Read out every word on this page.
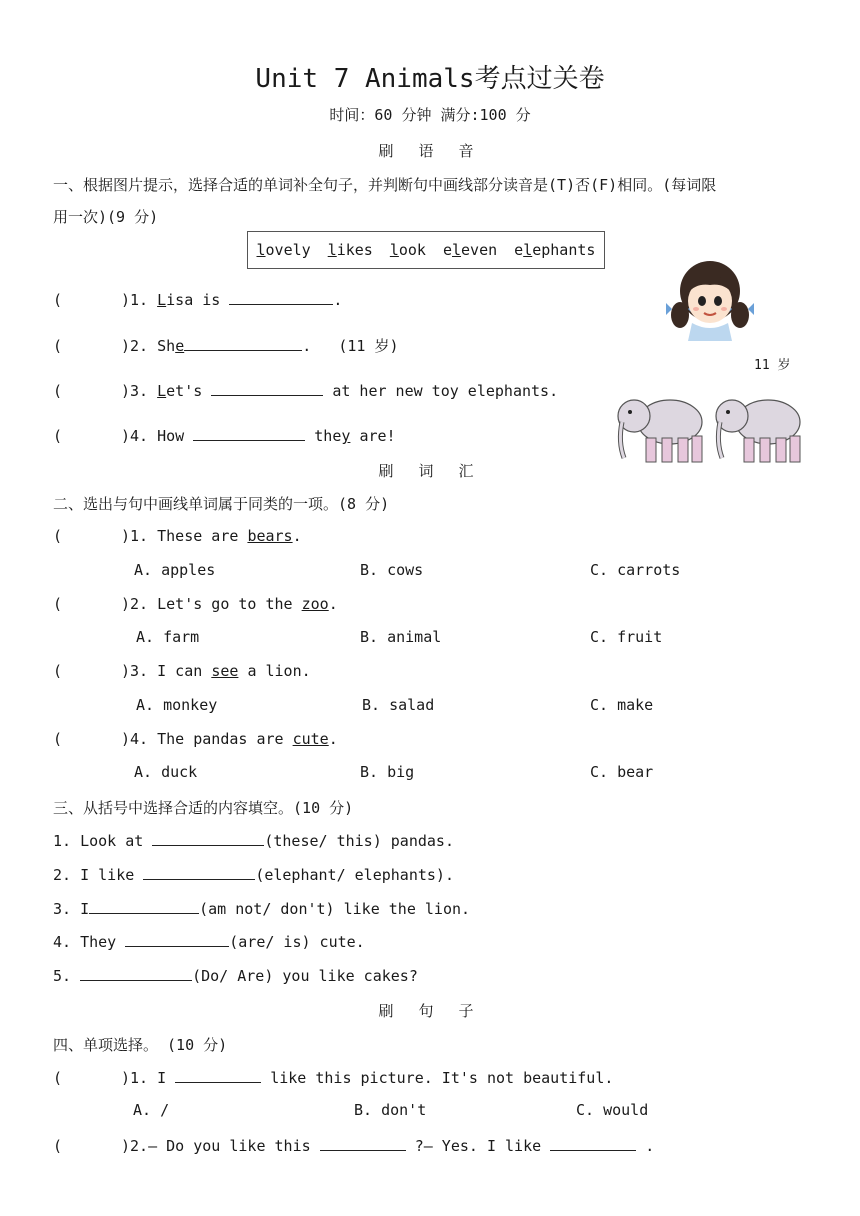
Unit 7 Animals考点过关卷
时间：60 分钟 满分:100 分
刷 语 音
一、根据图片提示，选择合适的单词补全句子，并判断句中画线部分读音是(T)否(F)相同。(每词限
用一次)(9 分)
lovely likes look eleven elephants
(	)1. Lisa is	.
(	)2. She	. (11 岁)
(	)3. Let's	at her new toy elephants.
(	)4. How	they are!
11 岁
刷 词 汇
二、选出与句中画线单词属于同类的一项。(8 分)
(	)1. These are bears.
A. apples	B. cows	C. carrots
(	)2. Let's go to the zoo.
A. farm	B. animal	C. fruit
(	)3. I can see a lion.
A. monkey	B. salad	C. make
(	)4. The pandas are cute.
A. duck	B. big	C. bear
三、从括号中选择合适的内容填空。(10 分)
1. Look at	(these/ this) pandas.
2. I like	(elephant/ elephants).
3. I	(am not/ don't) like the lion.
4. They	(are/ is) cute.
5.	(Do/ Are) you like cakes?
刷 句 子
四、单项选择。 (10 分)
(	)1. I	like this picture. It's not beautiful.
A. /	B. don't	C. would
(	)2.— Do you like this	?— Yes. I like	.
